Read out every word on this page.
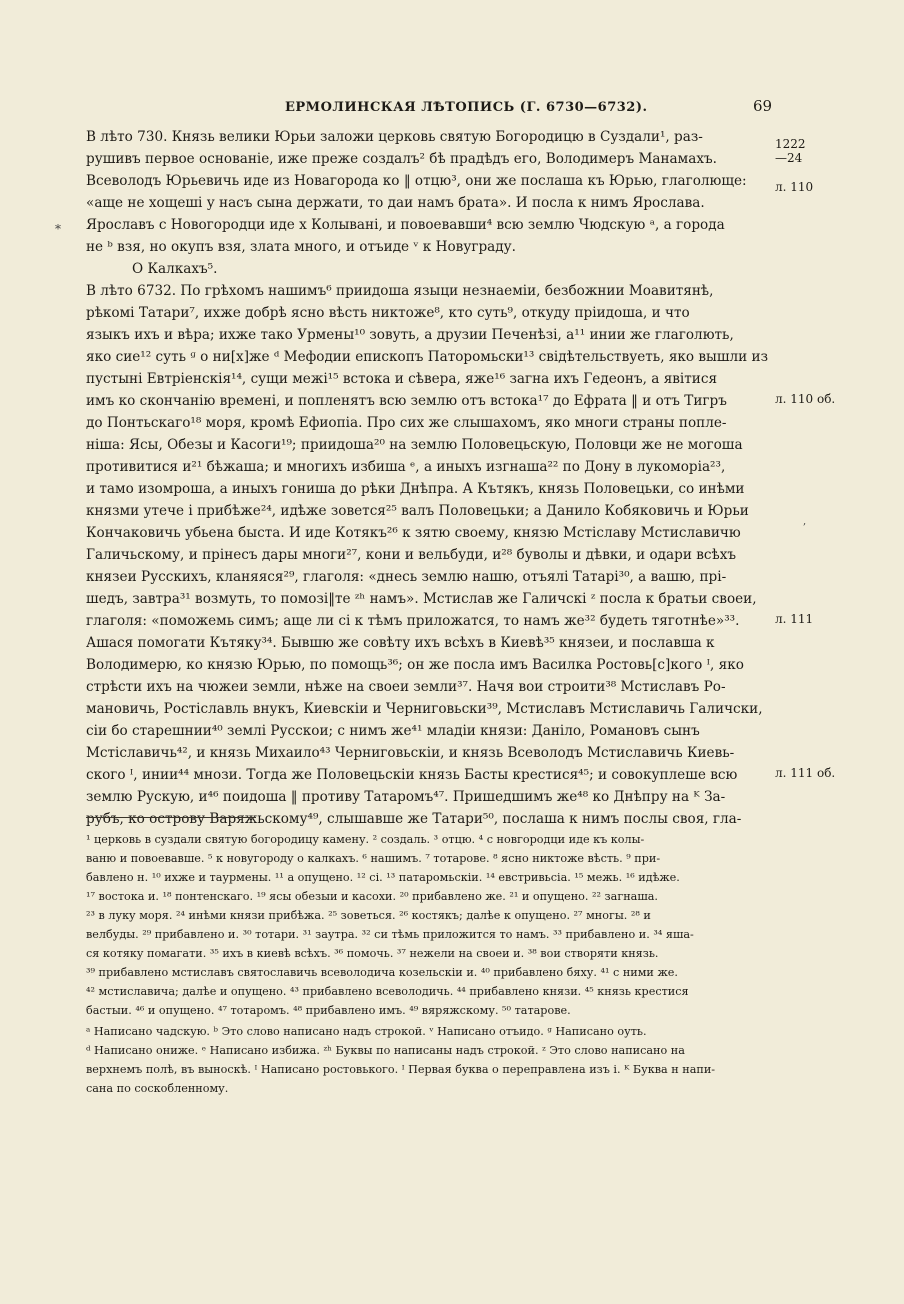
ЕРМОЛИНСКАЯ ЛѢТОПИСЬ (Г. 6730—6732).	69
*
,
В лѣто 730. Князь велики Юрьи заложи церковь святую Богородицю в Суздали¹, раз-
рушивъ первое основаніе, иже преже создалъ² бѣ прадѣдъ его, Володимеръ Манамахъ.
Всеволодъ Юрьевичь иде из Новагорода ко ‖ отцю³, они же послаша къ Юрью, глаголюще:
«аще не хощеші у насъ сына держати, то даи намъ брата». И посла к нимъ Ярослава.
Ярославъ с Новогородци иде х Колывані, и повоевавши⁴ всю землю Чюдскую ᵃ, а города
не ᵇ взя, но окупъ взя, злата много, и отъиде ᵛ к Новуграду.
О Калкахъ⁵.
В лѣто 6732. По грѣхомъ нашимъ⁶ приидоша языци незнаеміи, безбожнии Моавитянѣ,
рѣкомі Татари⁷, ихже добрѣ ясно вѣсть никтоже⁸, кто суть⁹, откуду пріидоша, и что
языкъ ихъ и вѣра; ихже тако Урмены¹⁰ зовуть, а друзии Печенѣзі, а¹¹ инии же глаголють,
яко сие¹² суть ᶢ о ни[х]же ᵈ Мефодии епископъ Паторомьски¹³ свідѣтельствуеть, яко вышли из
пустыні Евтріенскія¹⁴, сущи межі¹⁵ встока и сѣвера, яже¹⁶ загна ихъ Гедеонъ, а явітися
имъ ко скончанію времені, и попленятъ всю землю отъ встока¹⁷ до Ефрата ‖ и отъ Тигръ
до Понтьскаго¹⁸ моря, кромѣ Ефиопіа. Про сих же слышахомъ, яко многи страны попле-
ніша: Ясы, Обезы и Касоги¹⁹; приидоша²⁰ на землю Половецьскую, Половци же не могоша
противитися и²¹ бѣжаша; и многихъ избиша ᵉ, а иныхъ изгнаша²² по Дону в лукоморіа²³,
и тамо изомроша, а иныхъ гониша до рѣки Днѣпра. А Кътякъ, князь Половецьки, со инѣми
князми утече і прибѣже²⁴, идѣже зовется²⁵ валъ Половецьки; а Данило Кобяковичь и Юрьи
Кончаковичь убьена быста. И иде Котякъ²⁶ к зятю своему, князю Мстіславу Мстиславичю
Галичьскому, и прінесъ дары многи²⁷, кони и вельбуди, и²⁸ буволы и дѣвки, и одари всѣхъ
князеи Русскихъ, кланяяся²⁹, глаголя: «днесь землю нашю, отъялі Татарі³⁰, а вашю, прі-
шедъ, завтра³¹ возмуть, то помозі‖те ᶻʰ намъ». Мстислав же Галичскі ᶻ посла к братьи своеи,
глаголя: «поможемь симъ; аще ли сі к тѣмъ приложатся, то намъ же³² будеть тяготнѣе»³³.
Ашася помогати Кътяку³⁴. Бывшю же совѣту ихъ всѣхъ в Киевѣ³⁵ князеи, и пославша к
Володимерю, ко князю Юрью, по помощь³⁶; он же посла имъ Василка Ростовь[с]кого ᴵ, яко
стрѣсти ихъ на чюжеи земли, нѣже на своеи земли³⁷. Начя вои строити³⁸ Мстиславъ Ро-
мановичь, Ростіславль внукъ, Киевскіи и Черниговьски³⁹, Мстиславъ Мстиславичь Галичски,
сіи бо старешнии⁴⁰ землі Русскои; с нимъ же⁴¹ младіи князи: Даніло, Романовъ сынъ
Мстіславичь⁴², и князь Михаило⁴³ Черниговьскіи, и князь Всеволодъ Мстиславичь Киевь-
ского ᴵ, инии⁴⁴ мнози. Тогда же Половецьскіи князь Басты крестися⁴⁵; и совокуплешe всю
землю Рускую, и⁴⁶ поидоша ‖ противу Татаромъ⁴⁷. Пришедшимъ же⁴⁸ ко Днѣпру на ᴷ За-
рубъ, ко острову Варяжьскому⁴⁹, слышавше же Татари⁵⁰, послаша к нимъ послы своя, гла-
1222
—24
л. 110
л. 110 об.
л. 111
л. 111 об.
¹ церковь в суздали святую богородицу камену. ² создаль. ³ отцю. ⁴ с новгородци иде къ колы-
ваню и повоевавше. ⁵ к новугороду о калкахъ. ⁶ нашимъ. ⁷ тотарове. ⁸ ясно никтоже вѣсть. ⁹ при-
бавлено н. ¹⁰ ихже и таурмены. ¹¹ а опущено. ¹² сі. ¹³ патаромьскіи. ¹⁴ евстривьсіа. ¹⁵ межь. ¹⁶ идѣже.
¹⁷ востока и. ¹⁸ понтенскаго. ¹⁹ ясы обезыи и касохи. ²⁰ прибавлено же. ²¹ и опущено. ²² загнаша.
²³ в луку моря. ²⁴ инѣми князи прибѣжа. ²⁵ зоветься. ²⁶ костякъ; далѣе к опущено. ²⁷ многы. ²⁸ и
велбуды. ²⁹ прибавлено и. ³⁰ тотари. ³¹ заутра. ³² си тѣмь приложится то намъ. ³³ прибавлено и. ³⁴ яша-
ся котяку помагати. ³⁵ ихъ в киевѣ всѣхъ. ³⁶ помочь. ³⁷ нежели на своеи и. ³⁸ вои створяти князь.
³⁹ прибавлено мстиславъ святославичь всеволодича козельскіи и. ⁴⁰ прибавлено бяху. ⁴¹ с ними же.
⁴² мстиславича; далѣе и опущено. ⁴³ прибавлено всеволодичь. ⁴⁴ прибавлено князи. ⁴⁵ князь крестися
бастыи. ⁴⁶ и опущено. ⁴⁷ тотаромъ. ⁴⁸ прибавлено имъ. ⁴⁹ вяряжскому. ⁵⁰ татарове.
ᵃ Написано чадскую. ᵇ Это слово написано надъ строкой. ᵛ Написано отъидо. ᶢ Написано оуть.
ᵈ Написано ониже. ᵉ Написано избижа. ᶻʰ Буквы по написаны надъ строкой. ᶻ Это слово написано на
верхнемъ полѣ, въ выноскѣ. ᴵ Написано ростовького. ᴵ Первая буква о переправлена изъ і. ᴷ Буква н напи-
сана по соскобленному.
